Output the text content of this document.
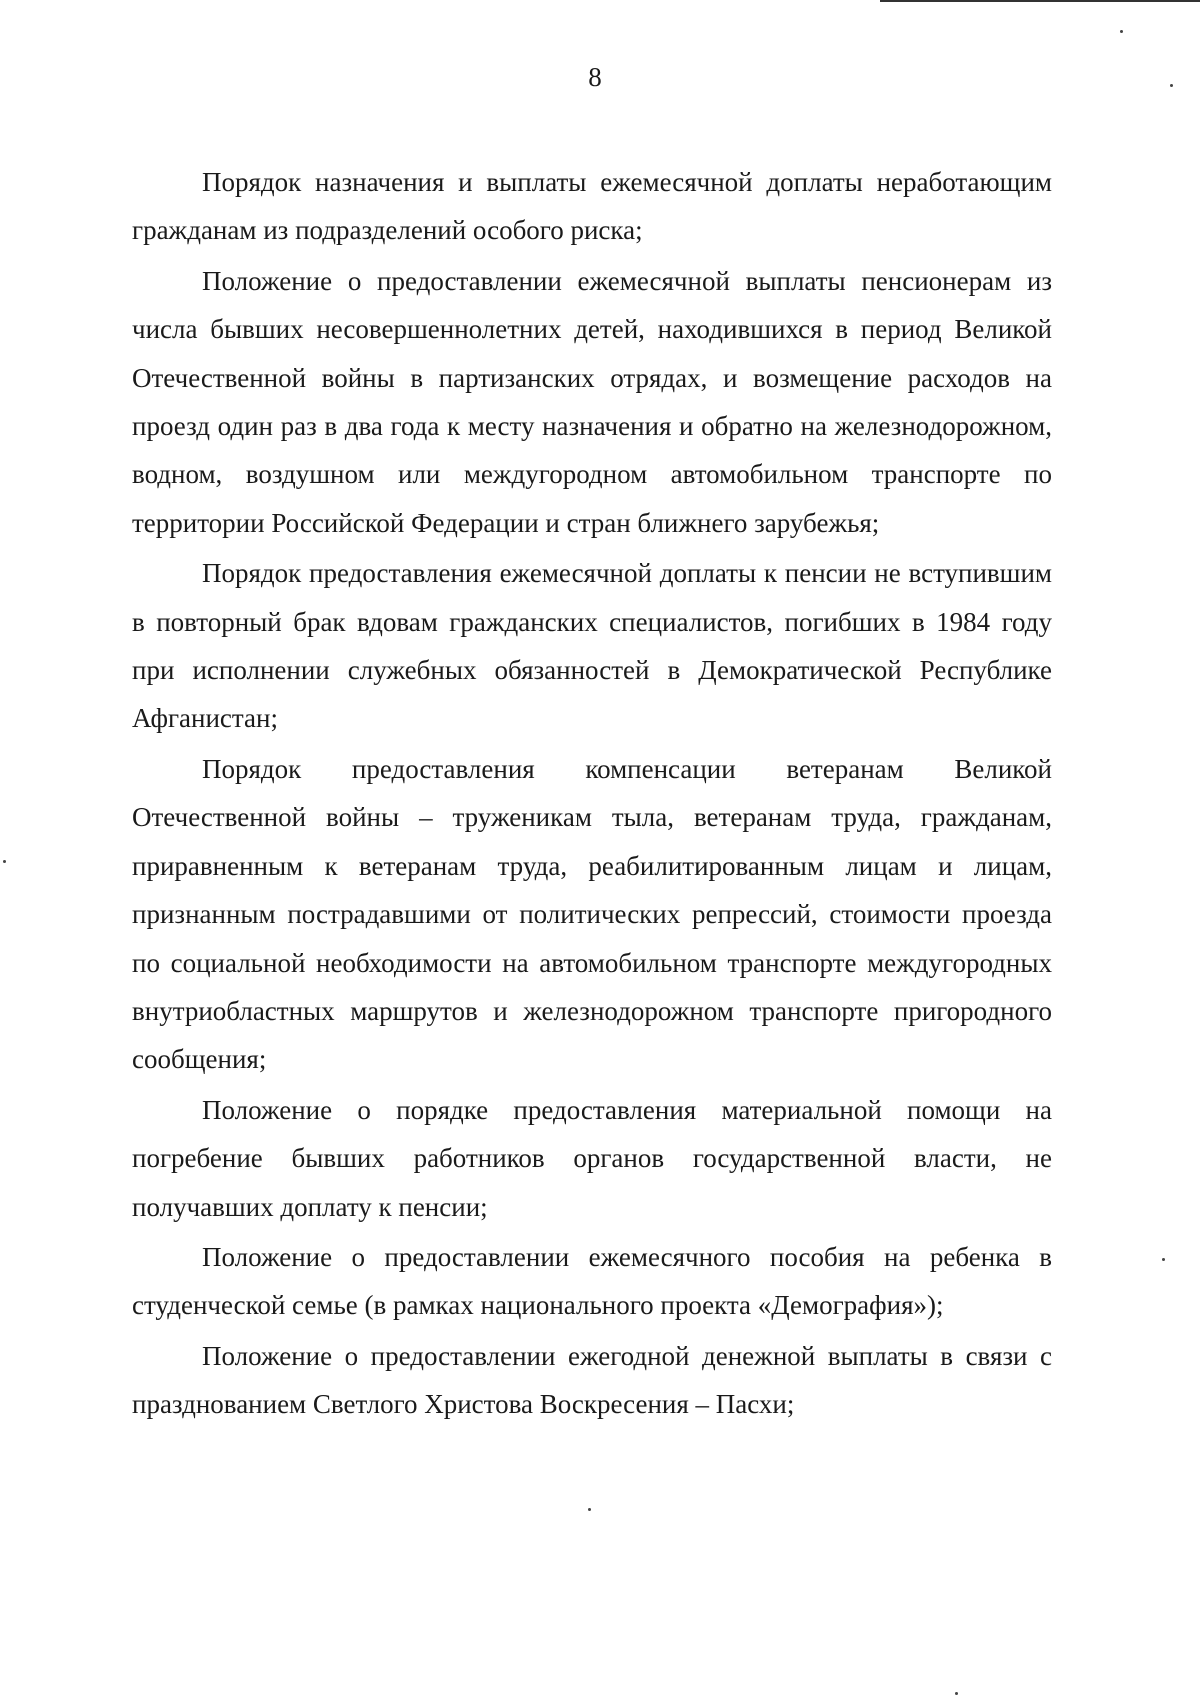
8

Порядок назначения и выплаты ежемесячной доплаты неработающим гражданам из подразделений особого риска;

Положение о предоставлении ежемесячной выплаты пенсионерам из числа бывших несовершеннолетних детей, находившихся в период Великой Отечественной войны в партизанских отрядах, и возмещение расходов на проезд один раз в два года к месту назначения и обратно на железнодорожном, водном, воздушном или междугородном автомобильном транспорте по территории Российской Федерации и стран ближнего зарубежья;

Порядок предоставления ежемесячной доплаты к пенсии не вступившим в повторный брак вдовам гражданских специалистов, погибших в 1984 году при исполнении служебных обязанностей в Демократической Республике Афганистан;

Порядок предоставления компенсации ветеранам Великой Отечественной войны – труженикам тыла, ветеранам труда, гражданам, приравненным к ветеранам труда, реабилитированным лицам и лицам, признанным пострадавшими от политических репрессий, стоимости проезда по социальной необходимости на автомобильном транспорте междугородных внутриобластных маршрутов и железнодорожном транспорте пригородного сообщения;

Положение о порядке предоставления материальной помощи на погребение бывших работников органов государственной власти, не получавших доплату к пенсии;

Положение о предоставлении ежемесячного пособия на ребенка в студенческой семье (в рамках национального проекта «Демография»);

Положение о предоставлении ежегодной денежной выплаты в связи с празднованием Светлого Христова Воскресения – Пасхи;
